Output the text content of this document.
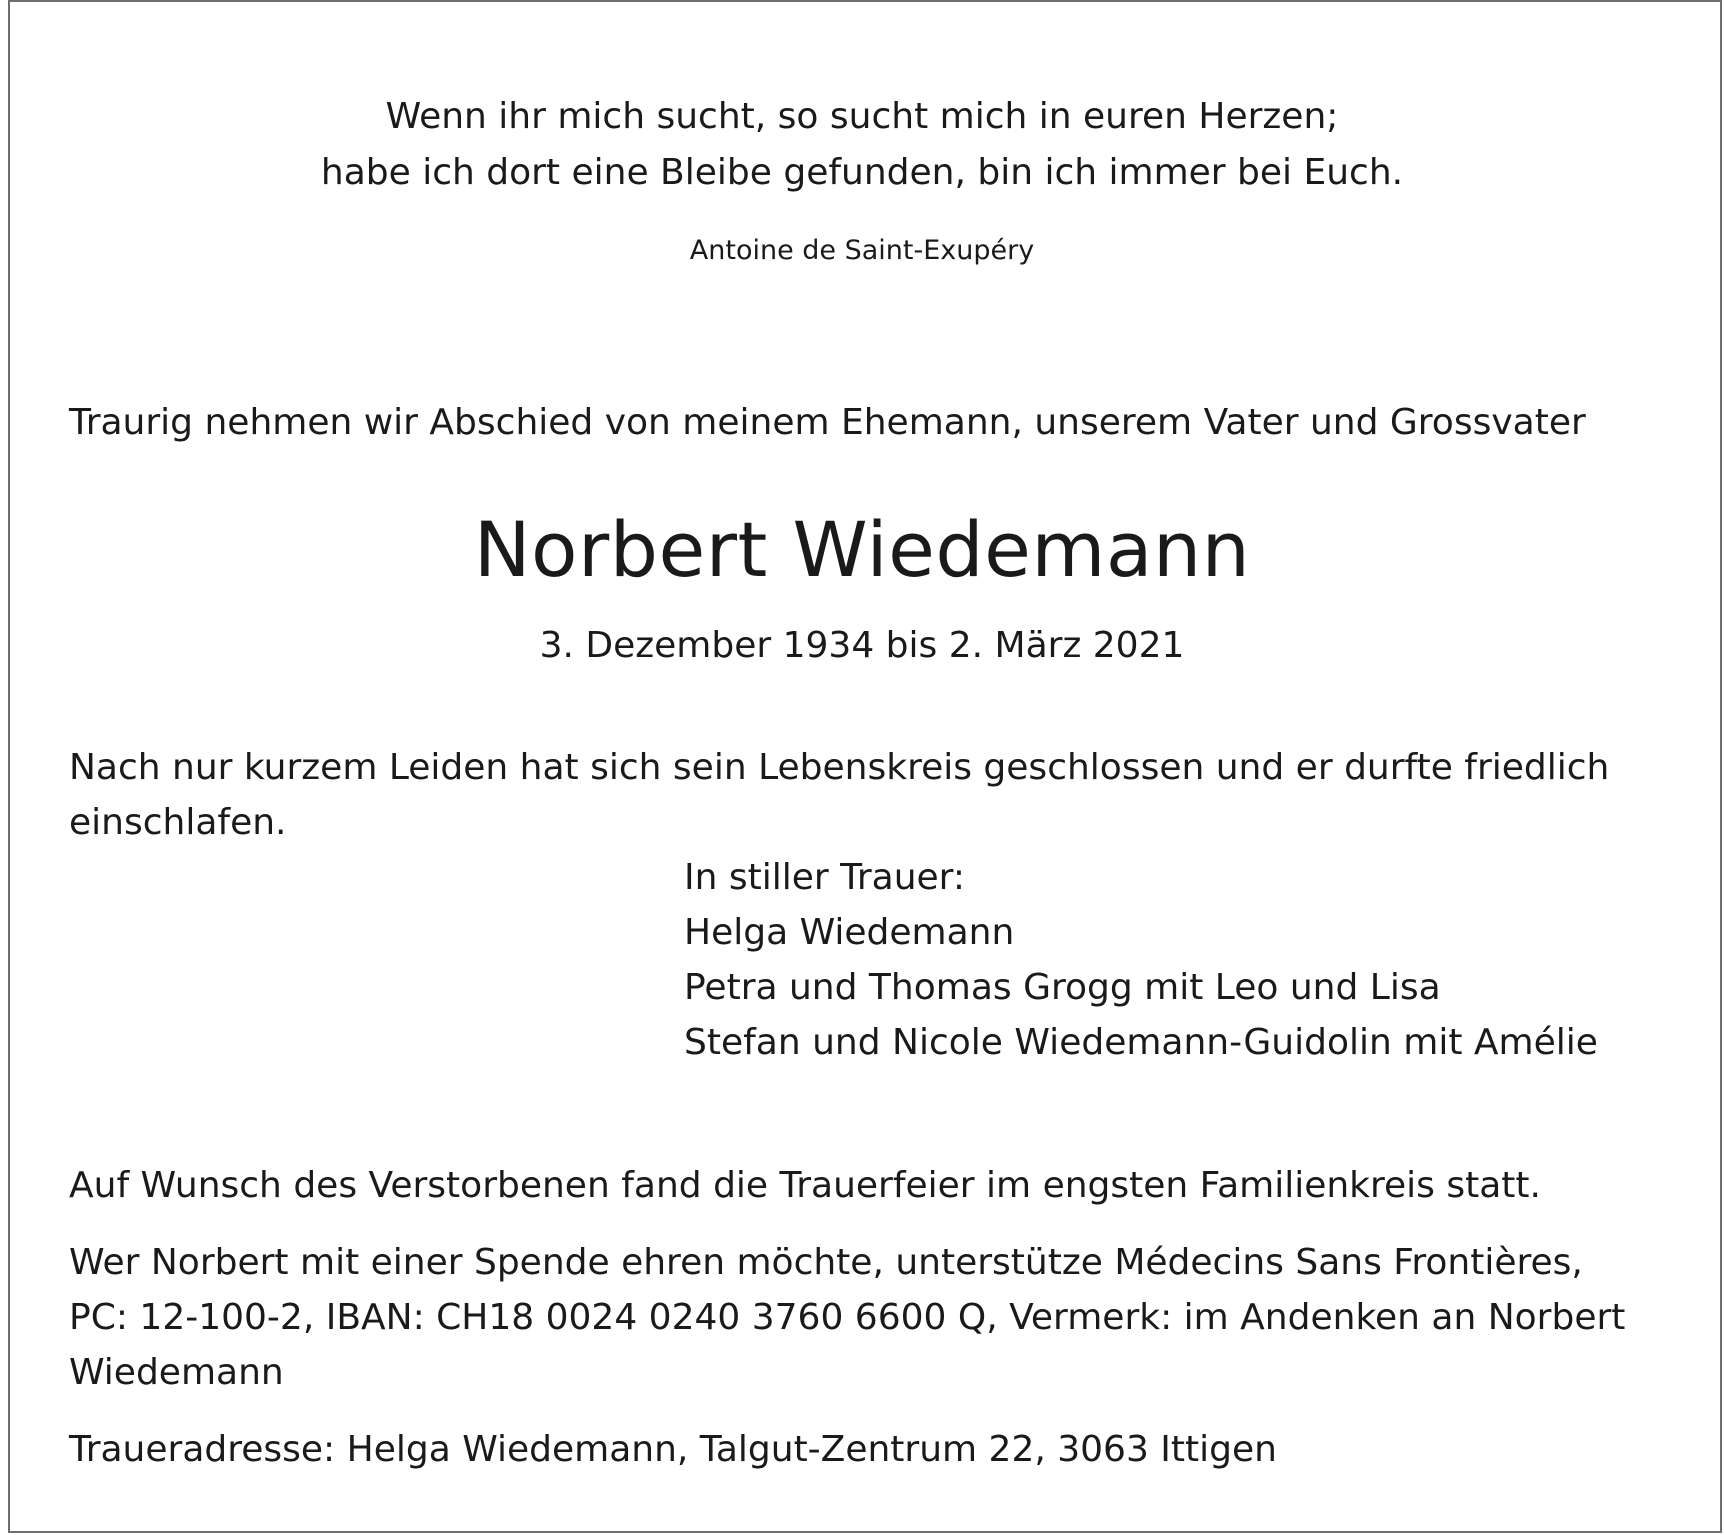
Wenn ihr mich sucht, so sucht mich in euren Herzen;
habe ich dort eine Bleibe gefunden, bin ich immer bei Euch.
Antoine de Saint-Exupéry
Traurig nehmen wir Abschied von meinem Ehemann, unserem Vater und Grossvater
Norbert Wiedemann
3. Dezember 1934 bis 2. März 2021
Nach nur kurzem Leiden hat sich sein Lebenskreis geschlossen und er durfte friedlich
einschlafen.
In stiller Trauer:
Helga Wiedemann
Petra und Thomas Grogg mit Leo und Lisa
Stefan und Nicole Wiedemann-Guidolin mit Amélie
Auf Wunsch des Verstorbenen fand die Trauerfeier im engsten Familienkreis statt.
Wer Norbert mit einer Spende ehren möchte, unterstütze Médecins Sans Frontières,
PC: 12-100-2, IBAN: CH18 0024 0240 3760 6600 Q, Vermerk: im Andenken an Norbert
Wiedemann
Traueradresse: Helga Wiedemann, Talgut-Zentrum 22, 3063 Ittigen
